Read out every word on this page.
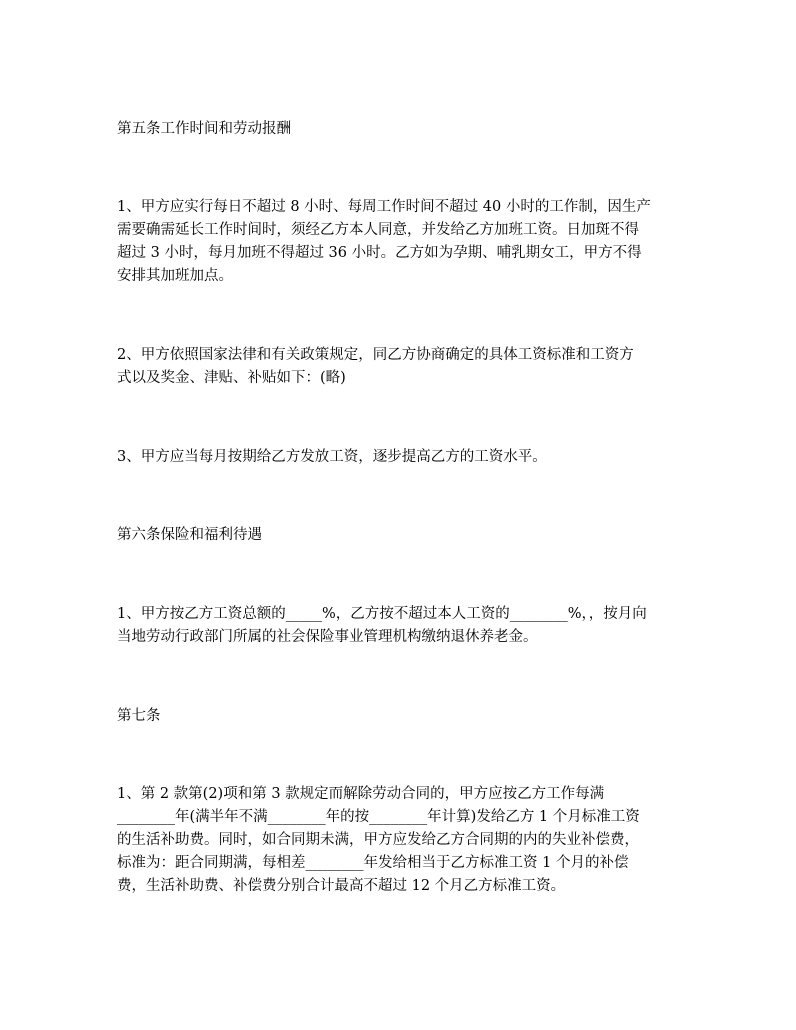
第五条工作时间和劳动报酬
1、甲方应实行每日不超过 8 小时、每周工作时间不超过 40 小时的工作制，因生产
需要确需延长工作时间时，须经乙方本人同意，并发给乙方加班工资。日加斑不得
超过 3 小时，每月加班不得超过 36 小时。乙方如为孕期、哺乳期女工，甲方不得
安排其加班加点。
2、甲方依照国家法律和有关政策规定，同乙方协商确定的具体工资标准和工资方
式以及奖金、津贴、补贴如下：(略)
3、甲方应当每月按期给乙方发放工资，逐步提高乙方的工资水平。
第六条保险和福利待遇
1、甲方按乙方工资总额的_____%，乙方按不超过本人工资的________%，，按月向
当地劳动行政部门所属的社会保险事业管理机构缴纳退休养老金。
第七条
1、第 2 款第(2)项和第 3 款规定而解除劳动合同的，甲方应按乙方工作每满
________年(满半年不满________年的按________年计算)发给乙方 1 个月标准工资
的生活补助费。同时，如合同期未满，甲方应发给乙方合同期的内的失业补偿费，
标准为：距合同期满，每相差________年发给相当于乙方标准工资 1 个月的补偿
费，生活补助费、补偿费分别合计最高不超过 12 个月乙方标准工资。
